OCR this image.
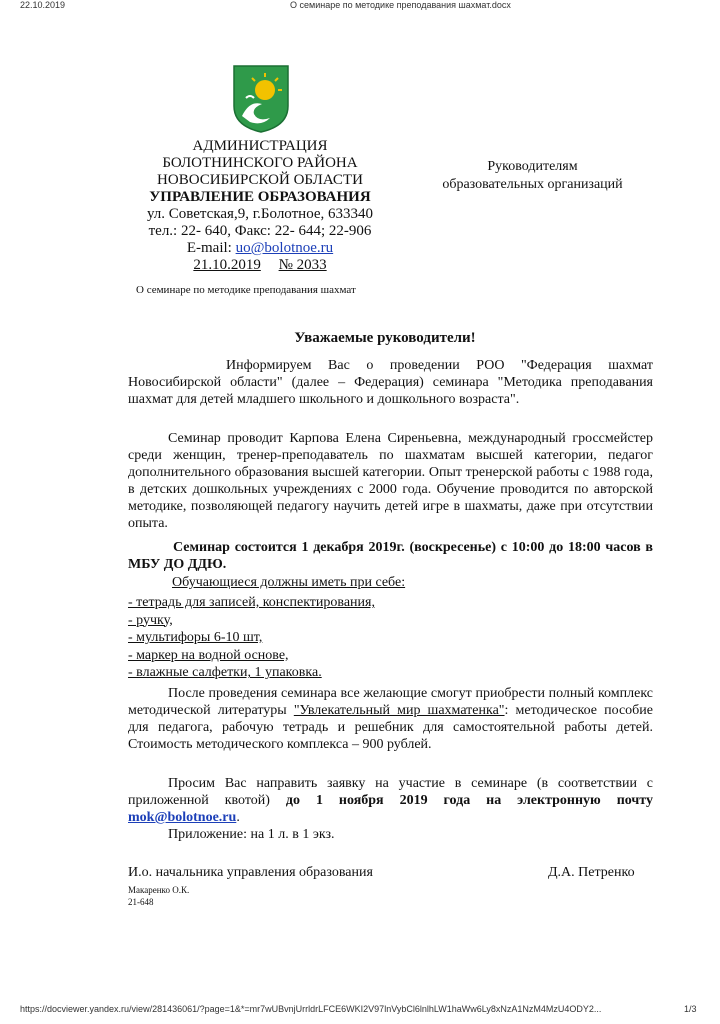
22.10.2019	О семинаре по методике преподавания шахмат.docx
АДМИНИСТРАЦИЯ
БОЛОТНИНСКОГО РАЙОНА
НОВОСИБИРСКОЙ ОБЛАСТИ
УПРАВЛЕНИЕ ОБРАЗОВАНИЯ
ул. Советская,9, г.Болотное, 633340
тел.: 22- 640, Факс: 22- 644; 22-906
E-mail: uo@bolotnoe.ru
21.10.2019 № 2033
О семинаре по методике преподавания шахмат
Руководителям
образовательных организаций
Уважаемые руководители!
Информируем Вас о проведении РОО "Федерация шахмат Новосибирской области" (далее – Федерация) семинара "Методика преподавания шахмат для детей младшего школьного и дошкольного возраста".
Семинар проводит Карпова Елена Сиреньевна, международный гроссмейстер среди женщин, тренер-преподаватель по шахматам высшей категории, педагог дополнительного образования высшей категории. Опыт тренерской работы с 1988 года, в детских дошкольных учреждениях с 2000 года. Обучение проводится по авторской методике, позволяющей педагогу научить детей игре в шахматы, даже при отсутствии опыта.
Семинар состоится 1 декабря 2019г. (воскресенье) с 10:00 до 18:00 часов в МБУ ДО ДДЮ.
Обучающиеся должны иметь при себе:
- тетрадь для записей, конспектирования,
- ручку,
- мультифоры 6-10 шт,
- маркер на водной основе,
- влажные салфетки, 1 упаковка.
После проведения семинара все желающие смогут приобрести полный комплекс методической литературы "Увлекательный мир шахматенка": методическое пособие для педагога, рабочую тетрадь и решебник для самостоятельной работы детей. Стоимость методического комплекса – 900 рублей.
Просим Вас направить заявку на участие в семинаре (в соответствии с приложенной квотой) до 1 ноября 2019 года на электронную почту mok@bolotnoe.ru.
Приложение: на 1 л. в 1 экз.
И.о. начальника управления образования	Д.А. Петренко
Макаренко О.К.
21-648
https://docviewer.yandex.ru/view/281436061/?page=1&*=mr7wUBvnjUrrldrLFCE6WKI2V97lnVybCl6lnlhLW1haWw6Ly8xNzA1NzM4MzU4ODY2...	1/3
